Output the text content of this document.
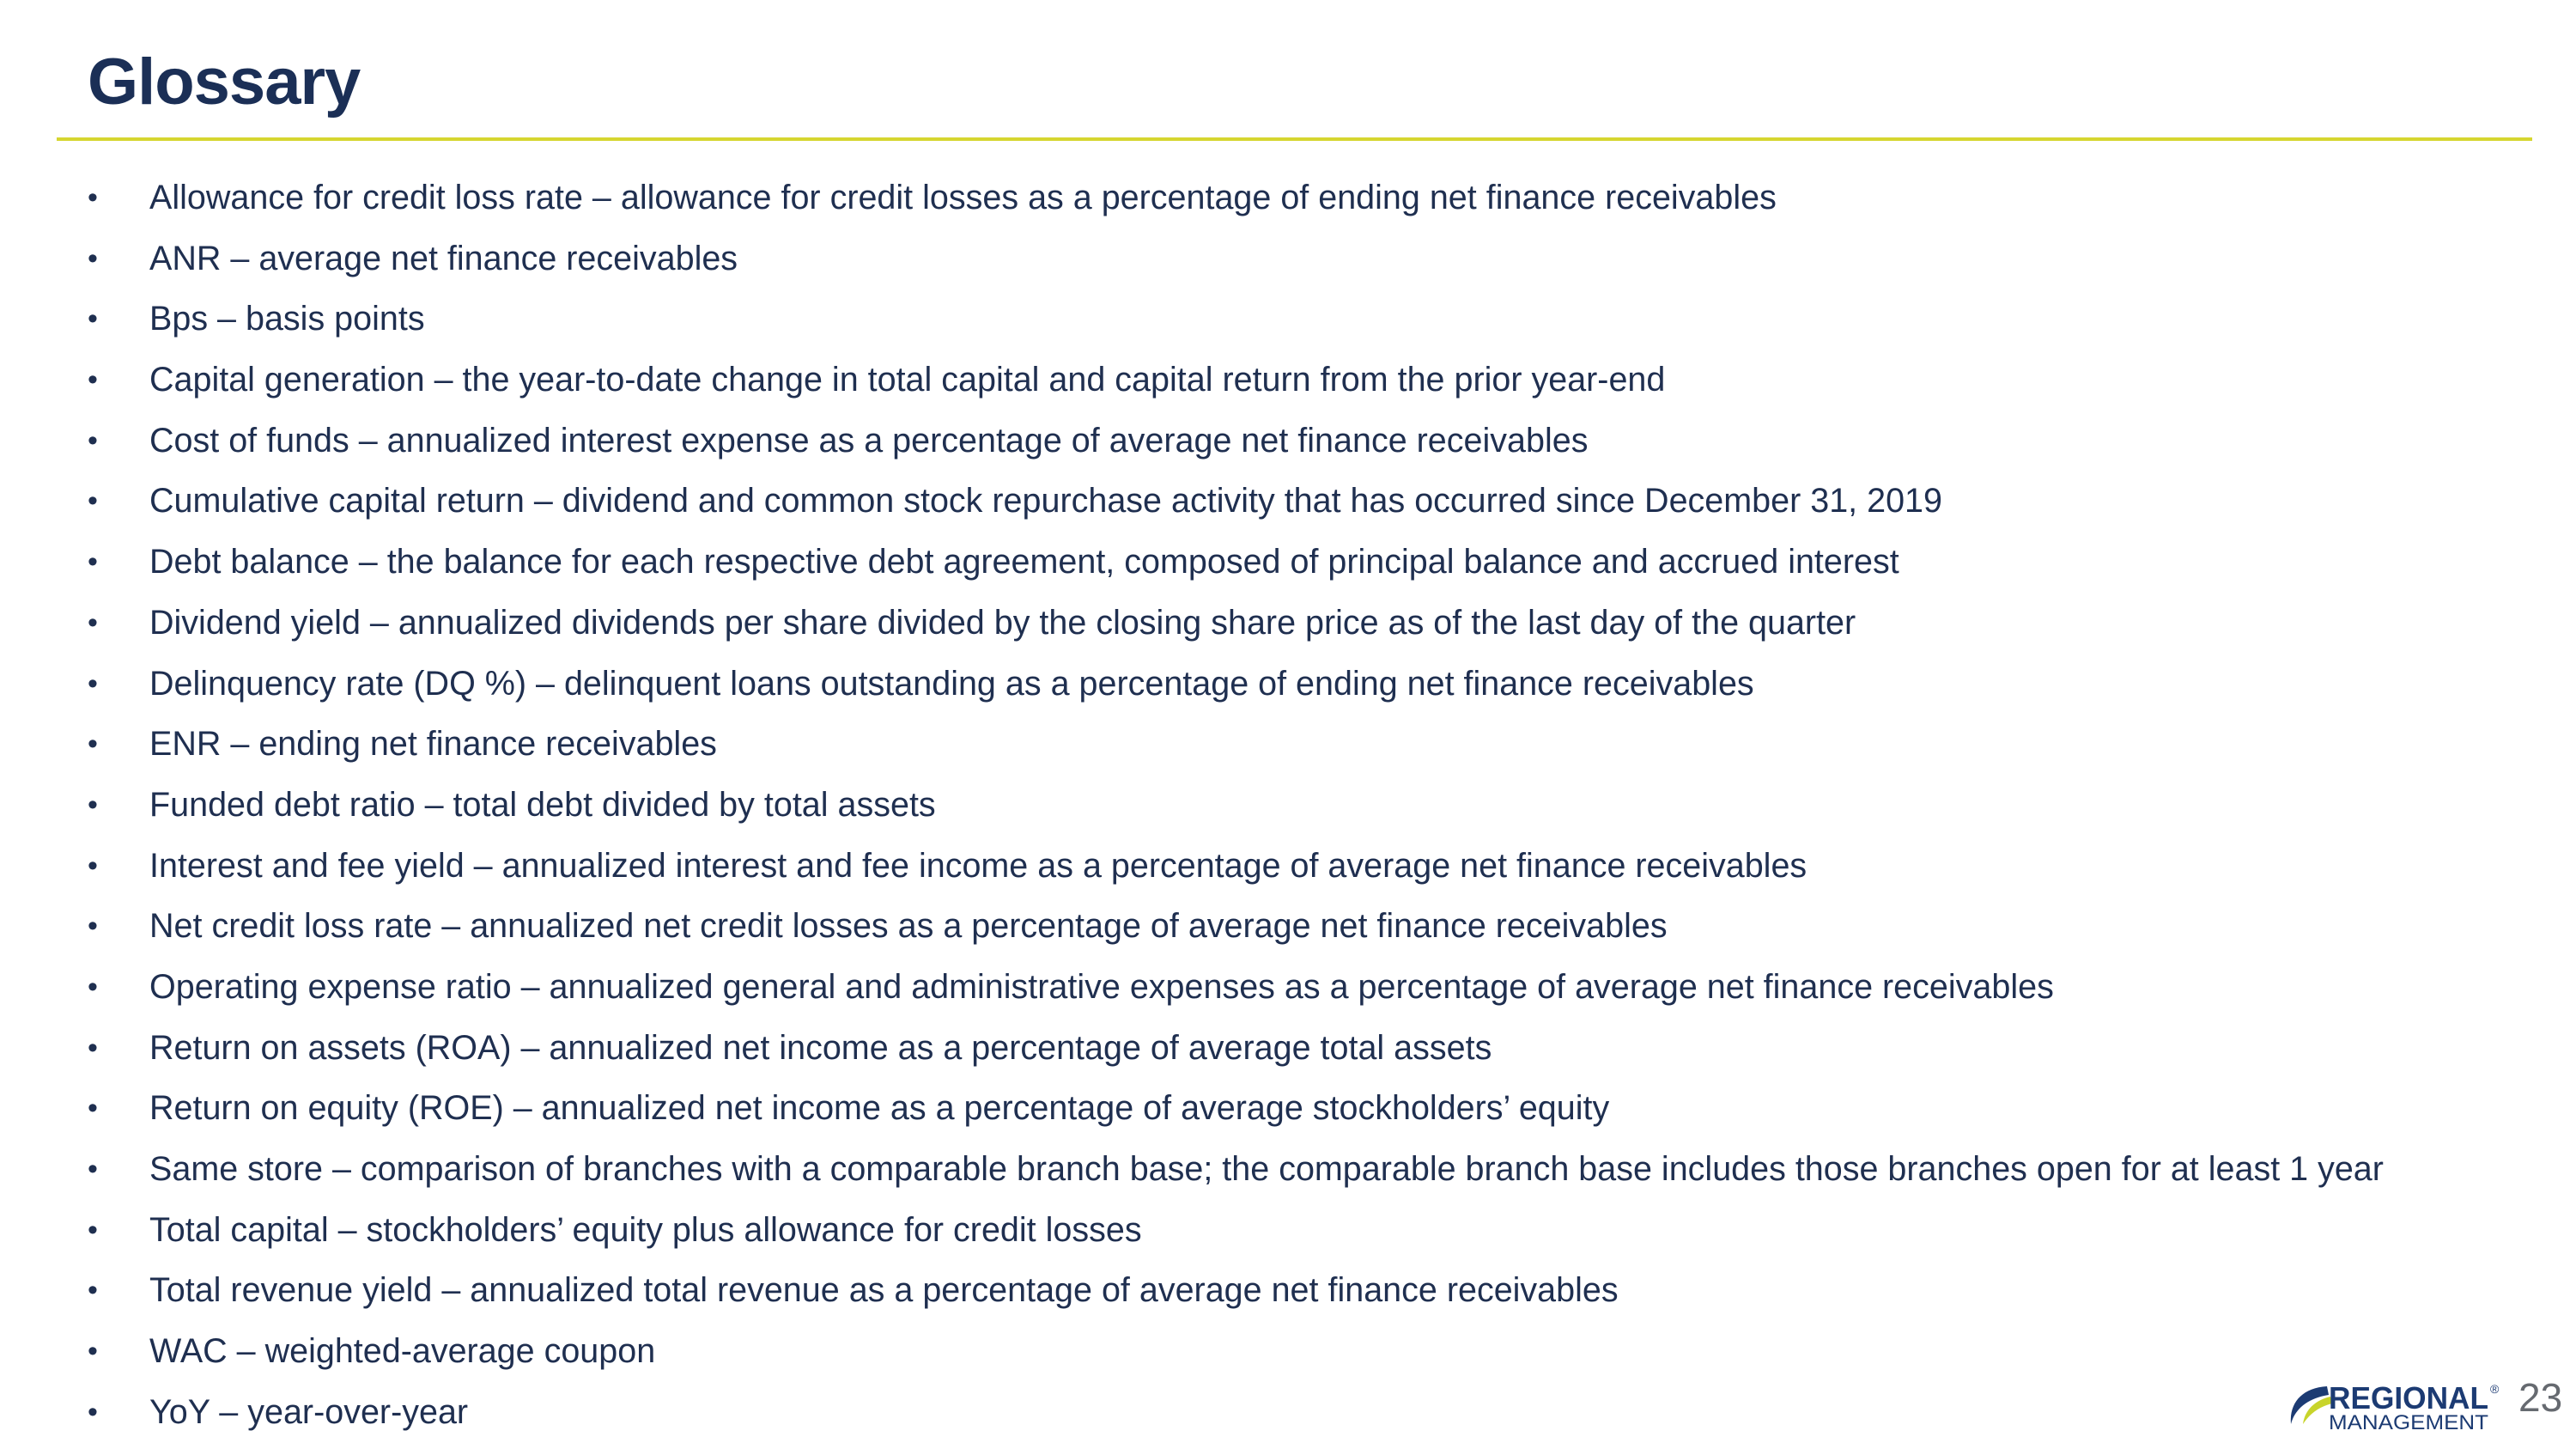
Glossary
• Allowance for credit loss rate – allowance for credit losses as a percentage of ending net finance receivables
• ANR – average net finance receivables
• Bps – basis points
• Capital generation – the year-to-date change in total capital and capital return from the prior year-end
• Cost of funds – annualized interest expense as a percentage of average net finance receivables
• Cumulative capital return – dividend and common stock repurchase activity that has occurred since December 31, 2019
• Debt balance – the balance for each respective debt agreement, composed of principal balance and accrued interest
• Dividend yield – annualized dividends per share divided by the closing share price as of the last day of the quarter
• Delinquency rate (DQ %) – delinquent loans outstanding as a percentage of ending net finance receivables
• ENR – ending net finance receivables
• Funded debt ratio – total debt divided by total assets
• Interest and fee yield – annualized interest and fee income as a percentage of average net finance receivables
• Net credit loss rate – annualized net credit losses as a percentage of average net finance receivables
• Operating expense ratio – annualized general and administrative expenses as a percentage of average net finance receivables
• Return on assets (ROA) – annualized net income as a percentage of average total assets
• Return on equity (ROE) – annualized net income as a percentage of average stockholders’ equity
• Same store – comparison of branches with a comparable branch base; the comparable branch base includes those branches open for at least 1 year
• Total capital – stockholders’ equity plus allowance for credit losses
• Total revenue yield – annualized total revenue as a percentage of average net finance receivables
• WAC – weighted-average coupon
• YoY – year-over-year	REGIONAL ®
MANAGEMENT
23
